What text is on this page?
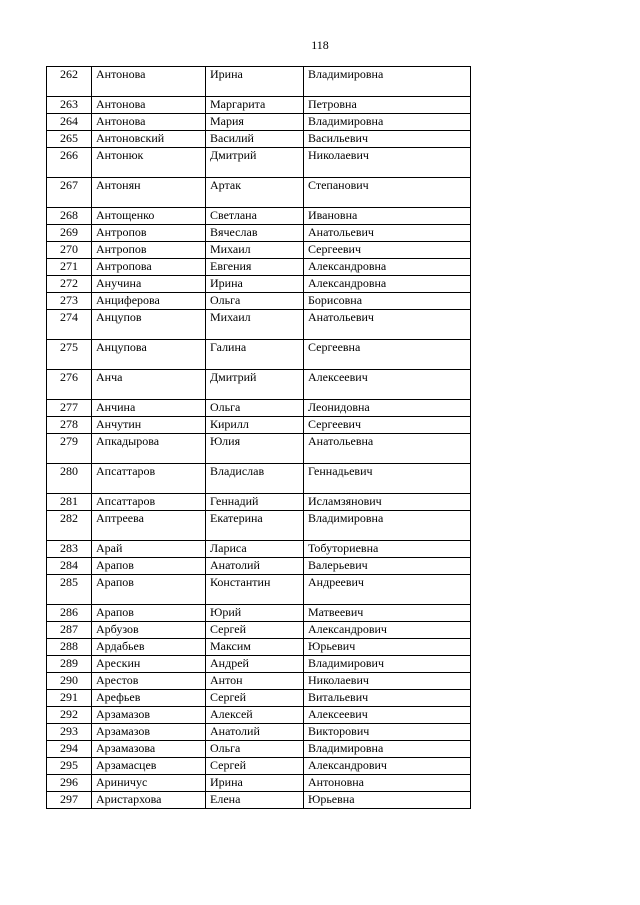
118
262	Антонова	Ирина	Владимировна
263	Антонова	Маргарита	Петровна
264	Антонова	Мария	Владимировна
265	Антоновский	Василий	Васильевич
266	Антонюк	Дмитрий	Николаевич
267	Антонян	Артак	Степанович
268	Антощенко	Светлана	Ивановна
269	Антропов	Вячеслав	Анатольевич
270	Антропов	Михаил	Сергеевич
271	Антропова	Евгения	Александровна
272	Анучина	Ирина	Александровна
273	Анциферова	Ольга	Борисовна
274	Анцупов	Михаил	Анатольевич
275	Анцупова	Галина	Сергеевна
276	Анча	Дмитрий	Алексеевич
277	Анчина	Ольга	Леонидовна
278	Анчутин	Кирилл	Сергеевич
279	Апкадырова	Юлия	Анатольевна
280	Апсаттаров	Владислав	Геннадьевич
281	Апсаттаров	Геннадий	Исламзянович
282	Аптреева	Екатерина	Владимировна
283	Арай	Лариса	Тобуториевна
284	Арапов	Анатолий	Валерьевич
285	Арапов	Константин	Андреевич
286	Арапов	Юрий	Матвеевич
287	Арбузов	Сергей	Александрович
288	Ардабьев	Максим	Юрьевич
289	Арескин	Андрей	Владимирович
290	Арестов	Антон	Николаевич
291	Арефьев	Сергей	Витальевич
292	Арзамазов	Алексей	Алексеевич
293	Арзамазов	Анатолий	Викторович
294	Арзамазова	Ольга	Владимировна
295	Арзамасцев	Сергей	Александрович
296	Ариничус	Ирина	Антоновна
297	Аристархова	Елена	Юрьевна
